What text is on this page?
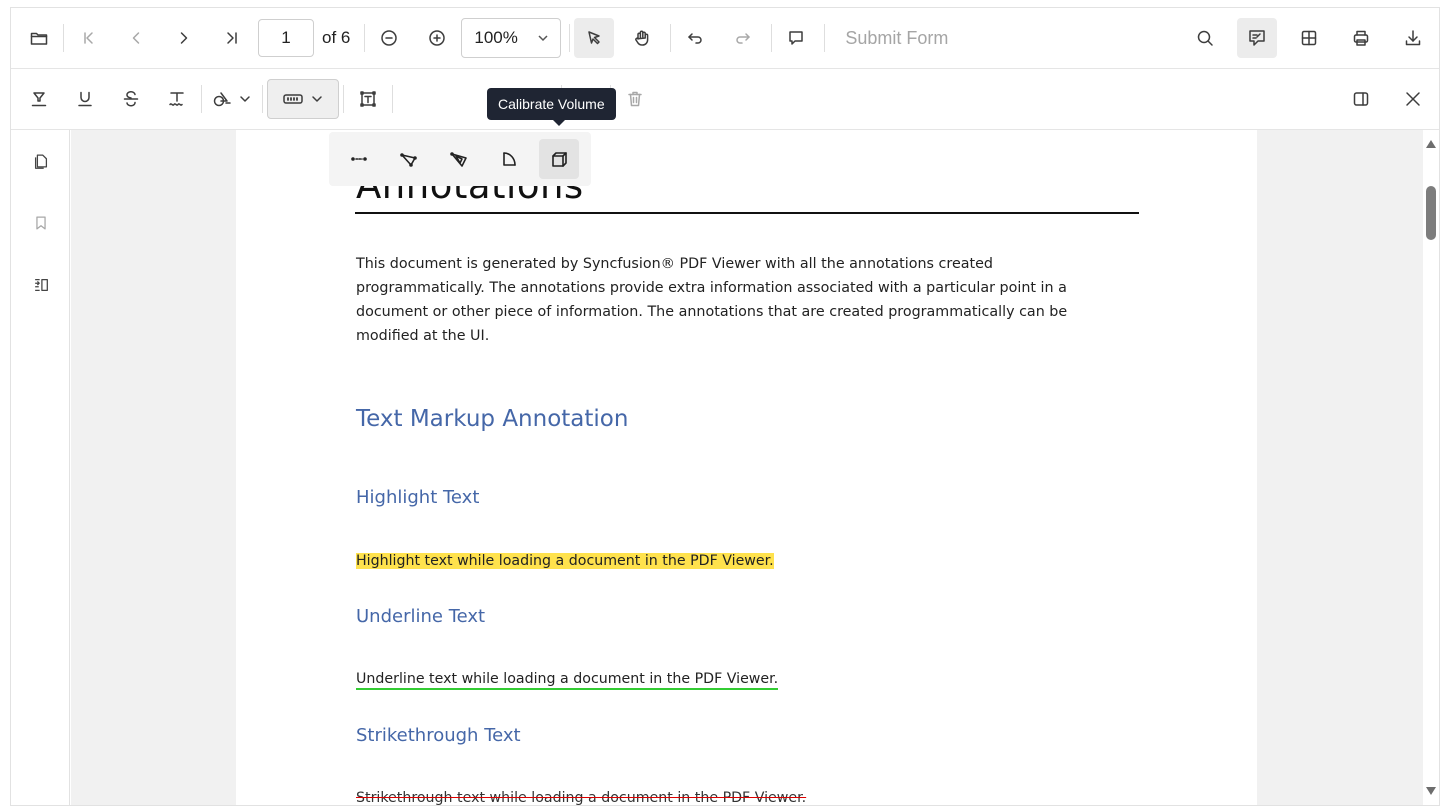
1	of 6	100%	Submit Form
Calibrate Volume
This document is generated by Syncfusion® PDF Viewer with all the annotations created programmatically. The annotations provide extra information associated with a particular point in a document or other piece of information. The annotations that are created programmatically can be modified at the UI.
Text Markup Annotation
Highlight Text
Highlight text while loading a document in the PDF Viewer.
Underline Text
Underline text while loading a document in the PDF Viewer.
Strikethrough Text
Strikethrough text while loading a document in the PDF Viewer.
